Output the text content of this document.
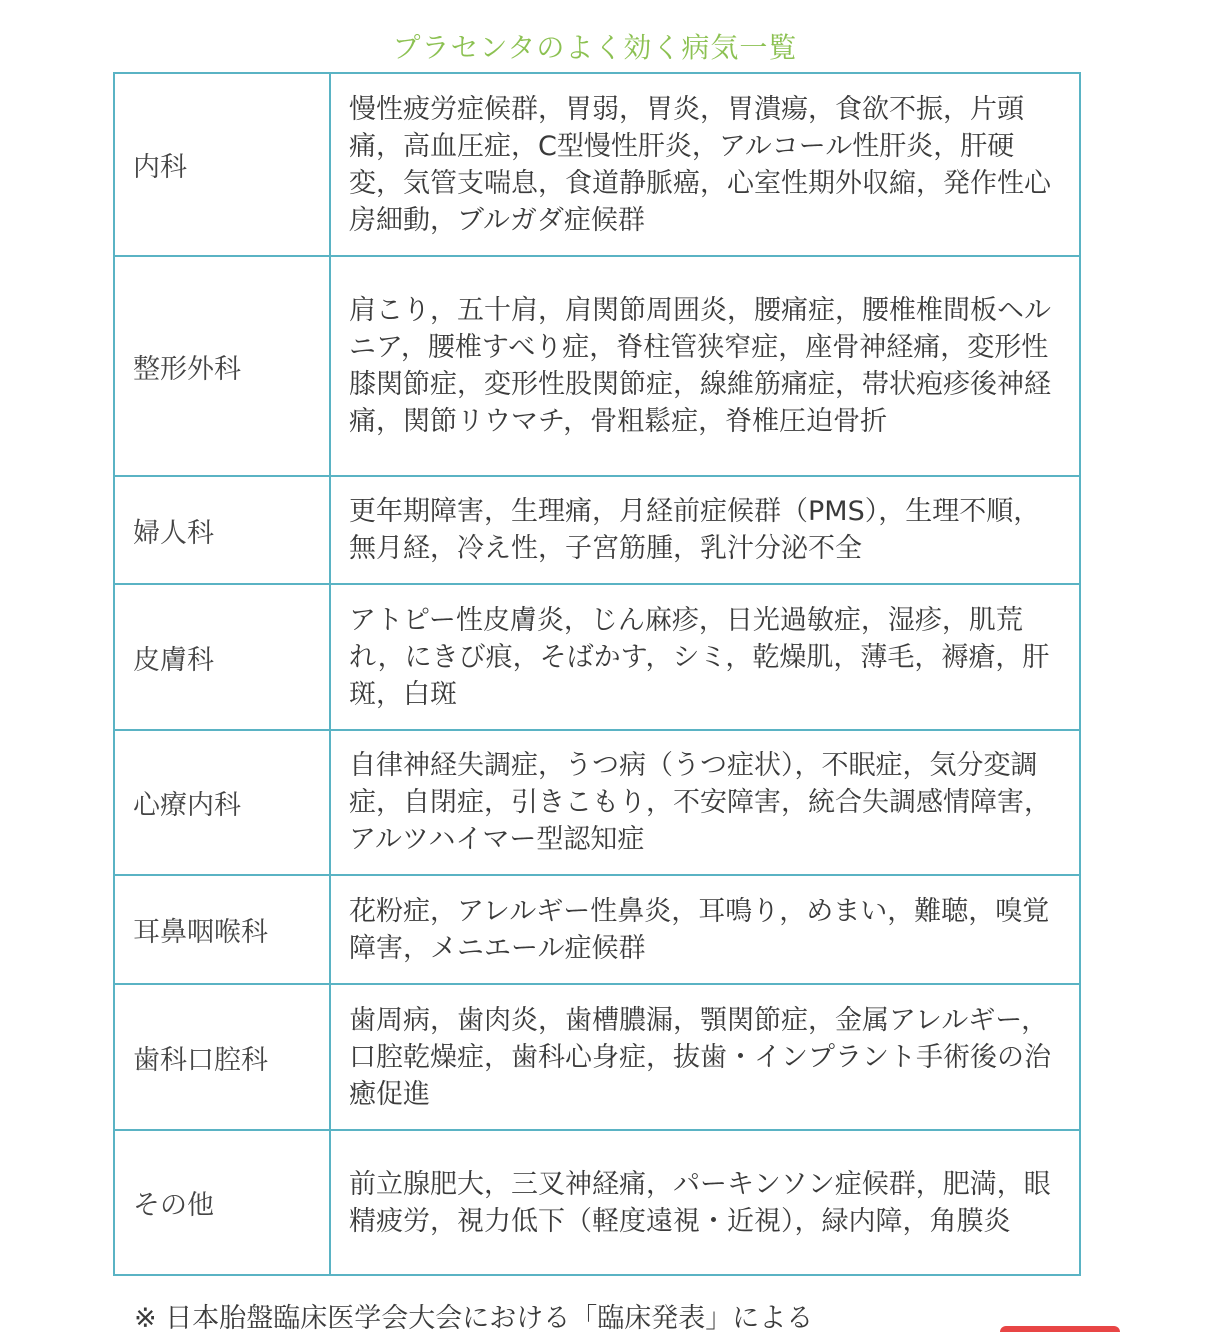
プラセンタのよく効く病気一覧
内科	慢性疲労症候群，胃弱，胃炎，胃潰瘍，食欲不振，片頭痛，高血圧症，C型慢性肝炎，アルコール性肝炎，肝硬変，気管支喘息，食道静脈癌，心室性期外収縮，発作性心房細動，ブルガダ症候群
整形外科	肩こり，五十肩，肩関節周囲炎，腰痛症，腰椎椎間板ヘルニア，腰椎すべり症，脊柱管狭窄症，座骨神経痛，変形性膝関節症，変形性股関節症，線維筋痛症，帯状疱疹後神経痛，関節リウマチ，骨粗鬆症，脊椎圧迫骨折
婦人科	更年期障害，生理痛，月経前症候群（PMS），生理不順，無月経，冷え性，子宮筋腫，乳汁分泌不全
皮膚科	アトピー性皮膚炎，じん麻疹，日光過敏症，湿疹，肌荒れ，にきび痕，そばかす，シミ，乾燥肌，薄毛，褥瘡，肝斑，白斑
心療内科	自律神経失調症，うつ病（うつ症状），不眠症，気分変調症，自閉症，引きこもり，不安障害，統合失調感情障害，アルツハイマー型認知症
耳鼻咽喉科	花粉症，アレルギー性鼻炎，耳鳴り，めまい，難聴，嗅覚障害，メニエール症候群
歯科口腔科	歯周病，歯肉炎，歯槽膿漏，顎関節症，金属アレルギー，口腔乾燥症，歯科心身症，抜歯・インプラント手術後の治癒促進
その他	前立腺肥大，三叉神経痛，パーキンソン症候群，肥満，眼精疲労，視力低下（軽度遠視・近視），緑内障，角膜炎
※ 日本胎盤臨床医学会大会における「臨床発表」による
